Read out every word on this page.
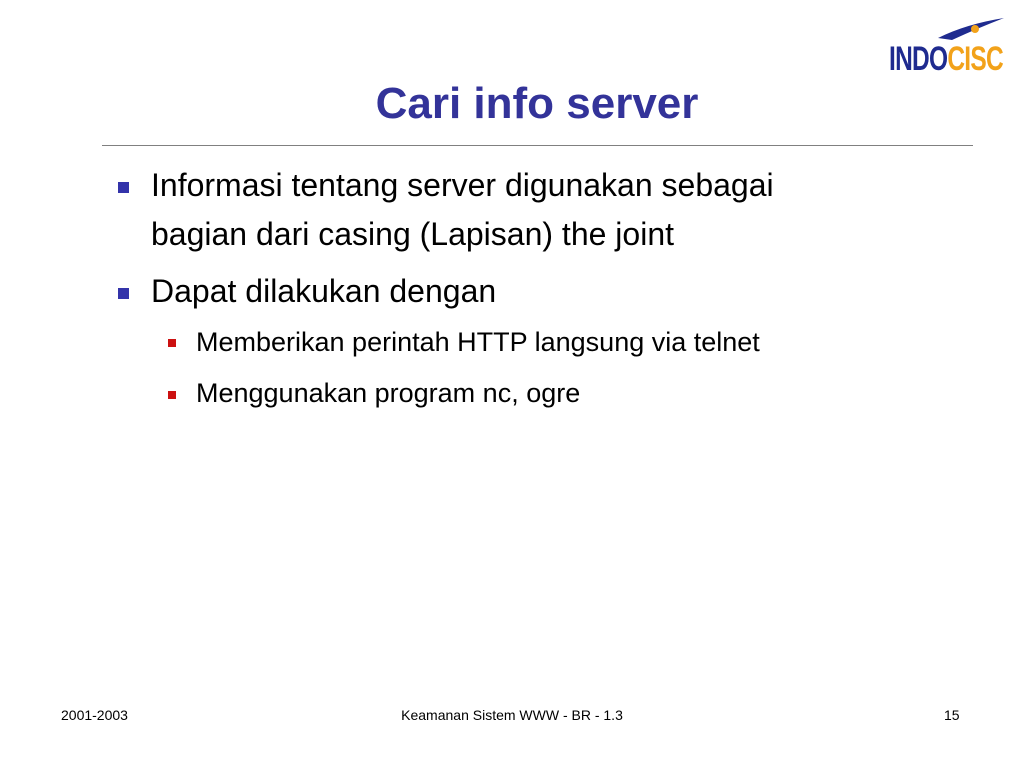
INDOCISC
Cari info server
Informasi tentang server digunakan sebagai
bagian dari casing (Lapisan) the joint
Dapat dilakukan dengan
Memberikan perintah HTTP langsung via telnet
Menggunakan program nc, ogre
2001-2003	Keamanan Sistem WWW - BR - 1.3	15
